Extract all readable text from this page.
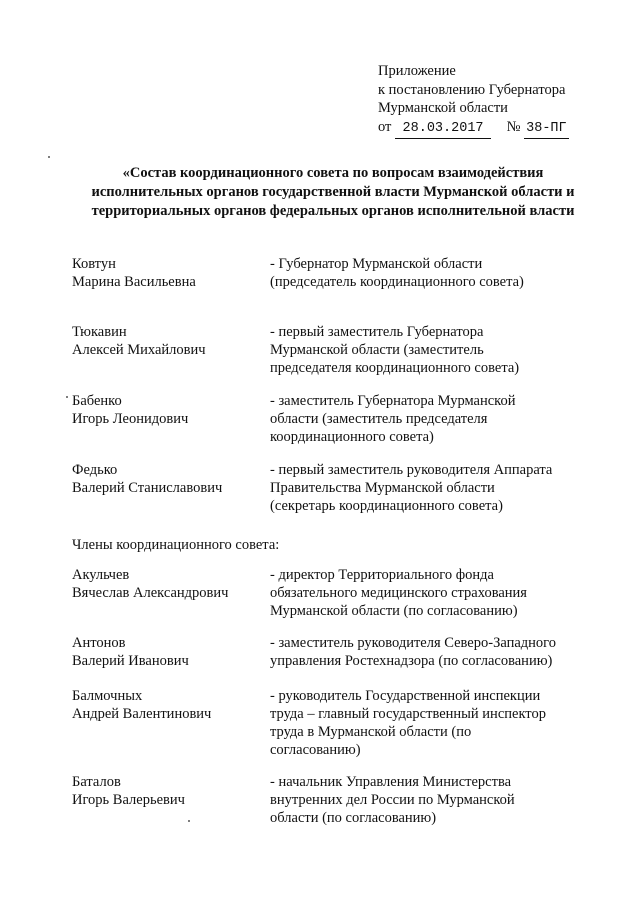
Приложение
к постановлению Губернатора
Мурманской области
от 28.03.2017 № 38-ПГ
«Состав координационного совета по вопросам взаимодействия
исполнительных органов государственной власти Мурманской области и
территориальных органов федеральных органов исполнительной власти
Ковтун
Марина Васильевна
- Губернатор Мурманской области
(председатель координационного совета)
Тюкавин
Алексей Михайлович
- первый заместитель Губернатора
Мурманской области (заместитель
председателя координационного совета)
Бабенко
Игорь Леонидович
- заместитель Губернатора Мурманской
области (заместитель председателя
координационного совета)
Федько
Валерий Станиславович
- первый заместитель руководителя Аппарата
Правительства Мурманской области
(секретарь координационного совета)
Члены координационного совета:
Акульчев
Вячеслав Александрович
- директор Территориального фонда
обязательного медицинского страхования
Мурманской области (по согласованию)
Антонов
Валерий Иванович
- заместитель руководителя Северо-Западного
управления Ростехнадзора (по согласованию)
Балмочных
Андрей Валентинович
- руководитель Государственной инспекции
труда – главный государственный инспектор
труда в Мурманской области (по
согласованию)
Баталов
Игорь Валерьевич
- начальник Управления Министерства
внутренних дел России по Мурманской
области (по согласованию)
